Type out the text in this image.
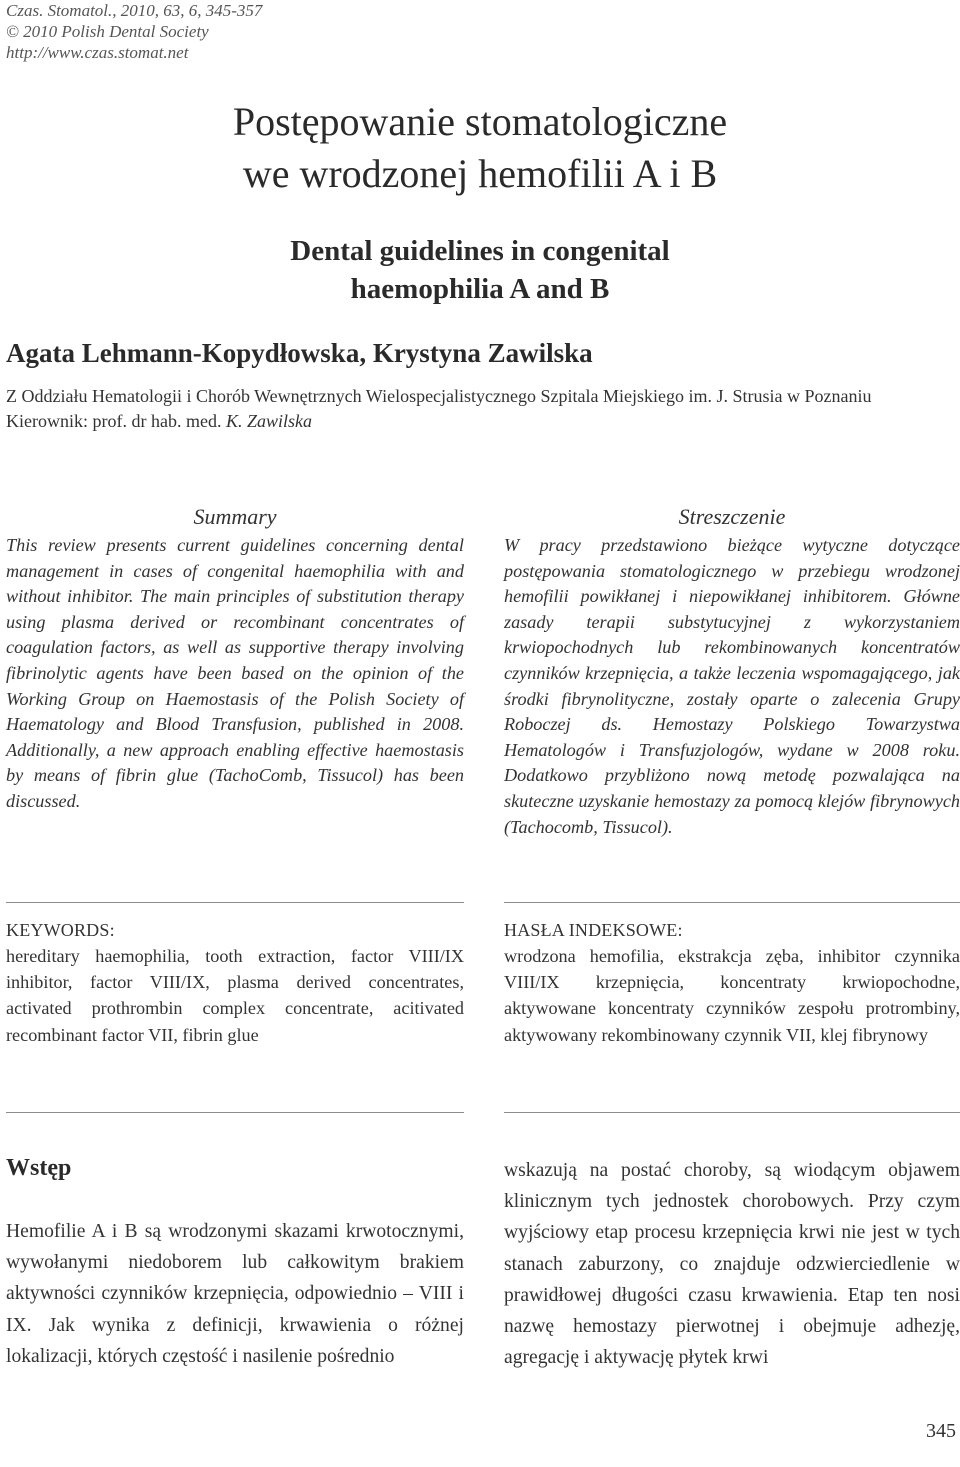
Czas. Stomatol., 2010, 63, 6, 345-357
© 2010 Polish Dental Society
http://www.czas.stomat.net
Postępowanie stomatologiczne
we wrodzonej hemofilii A i B
Dental guidelines in congenital
haemophilia A and B
Agata Lehmann-Kopydłowska, Krystyna Zawilska
Z Oddziału Hematologii i Chorób Wewnętrznych Wielospecjalistycznego Szpitala Miejskiego im. J. Strusia w Poznaniu
Kierownik: prof. dr hab. med. K. Zawilska
Summary
This review presents current guidelines concerning dental management in cases of congenital haemophilia with and without inhibitor. The main principles of substitution therapy using plasma derived or recombinant concentrates of coagulation factors, as well as supportive therapy involving fibrinolytic agents have been based on the opinion of the Working Group on Haemostasis of the Polish Society of Haematology and Blood Transfusion, published in 2008. Additionally, a new approach enabling effective haemostasis by means of fibrin glue (TachoComb, Tissucol) has been discussed.
Streszczenie
W pracy przedstawiono bieżące wytyczne dotyczące postępowania stomatologicznego w przebiegu wrodzonej hemofilii powikłanej i niepowikłanej inhibitorem. Główne zasady terapii substytucyjnej z wykorzystaniem krwiopochodnych lub rekombinowanych koncentratów czynników krzepnięcia, a także leczenia wspomagającego, jak środki fibrynolityczne, zostały oparte o zalecenia Grupy Roboczej ds. Hemostazy Polskiego Towarzystwa Hematologów i Transfuzjologów, wydane w 2008 roku. Dodatkowo przybliżono nową metodę pozwalająca na skuteczne uzyskanie hemostazy za pomocą klejów fibrynowych (Tachocomb, Tissucol).
KEYWORDS:
hereditary haemophilia, tooth extraction, factor VIII/IX inhibitor, factor VIII/IX, plasma derived concentrates, activated prothrombin complex concentrate, acitivated recombinant factor VII, fibrin glue
HASŁA INDEKSOWE:
wrodzona hemofilia, ekstrakcja zęba, inhibitor czynnika VIII/IX krzepnięcia, koncentraty krwiopochodne, aktywowane koncentraty czynników zespołu protrombiny, aktywowany rekombinowany czynnik VII, klej fibrynowy
Wstęp
Hemofilie A i B są wrodzonymi skazami krwotocznymi, wywołanymi niedoborem lub całkowitym brakiem aktywności czynników krzepnięcia, odpowiednio – VIII i IX. Jak wynika z definicji, krwawienia o różnej lokalizacji, których częstość i nasilenie pośrednio
wskazują na postać choroby, są wiodącym objawem klinicznym tych jednostek chorobowych. Przy czym wyjściowy etap procesu krzepnięcia krwi nie jest w tych stanach zaburzony, co znajduje odzwierciedlenie w prawidłowej długości czasu krwawienia. Etap ten nosi nazwę hemostazy pierwotnej i obejmuje adhezję, agregację i aktywację płytek krwi
345
